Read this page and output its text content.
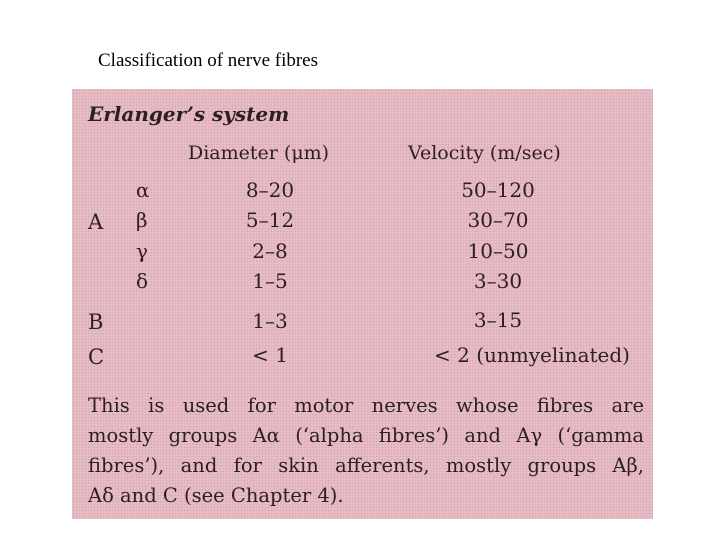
Classification of nerve fibres
Erlanger’s system
Diameter (μm)	Velocity (m/sec)
A
α	8–20	50–120
β	5–12	30–70
γ	2–8	10–50
δ	1–5	3–30
B	1–3	3–15
C	< 1	< 2 (unmyelinated)
This is used for motor nerves whose fibres are
mostly groups Aα (‘alpha fibres’) and Aγ (‘gamma
fibres’), and for skin afferents, mostly groups Aβ,
Aδ and C (see Chapter 4).
